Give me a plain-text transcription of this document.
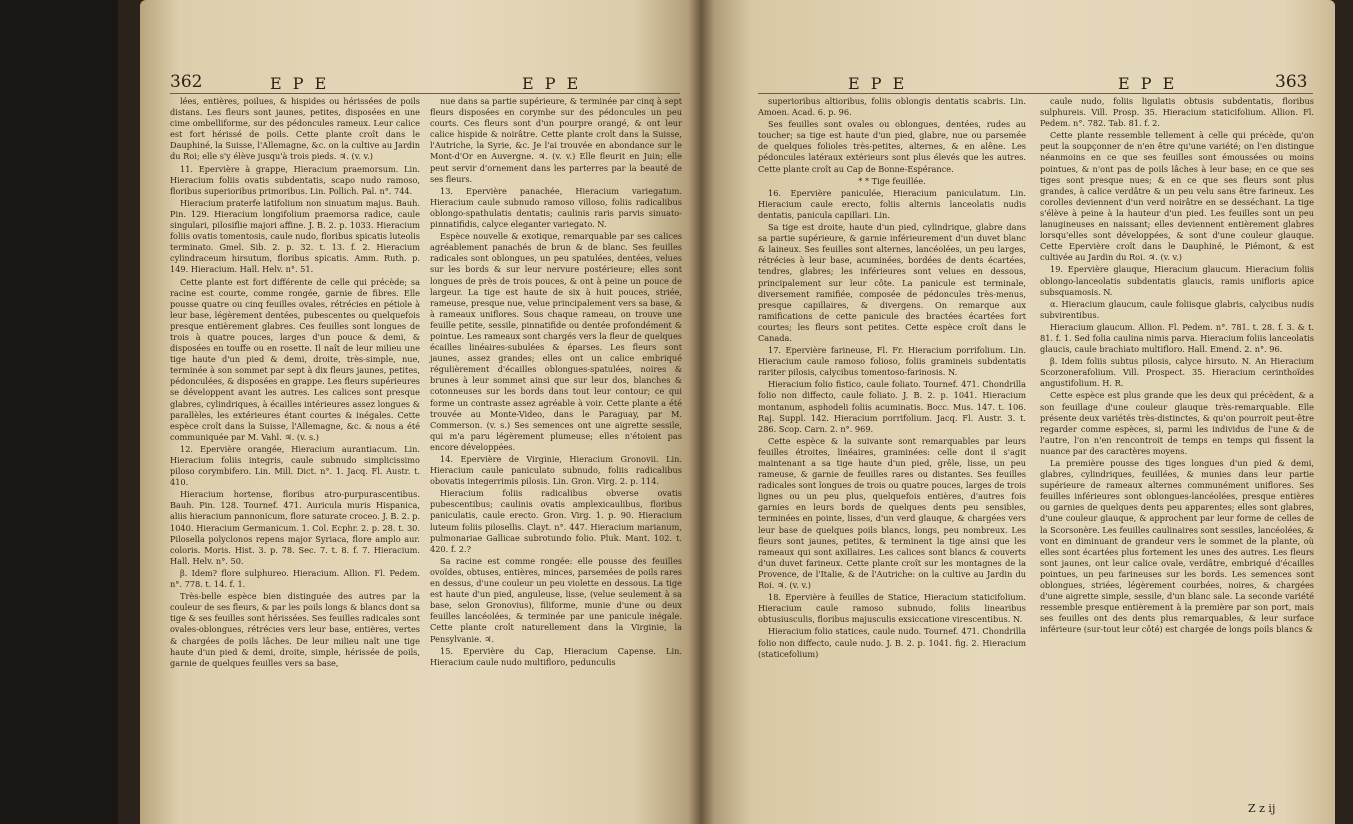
362	E P E	E P E

lées, entières, poilues, & hispides ou hérissées de poils distans. Les fleurs sont jaunes, petites, disposées en une cime ombelliforme, sur des pédoncules rameux. Leur calice est fort hérissé de poils. Cette plante croît dans le Dauphiné, la Suisse, l'Allemagne, &c. on la cultive au Jardin du Roi; elle s'y élève jusqu'à trois pieds. ♃. (v. v.)

11. Epervière à grappe, Hieracium praemorsum. Lin. Hieracium foliis ovatis subdentatis, scapo nudo ramoso, floribus superioribus primoribus. Lin. Pollich. Pal. n°. 744.

Hieracium praterfe latifolium non sinuatum majus. Bauh. Pin. 129. Hieracium longifolium praemorsa radice, caule singulari, pilosiflie majori affine. J. B. 2. p. 1033. Hieracium foliis ovatis tomentosis, caule nudo, floribus spicatis luteolis terminato. Gmel. Sib. 2. p. 32. t. 13. f. 2. Hieracium cylindraceum hirsutum, floribus spicatis. Amm. Ruth. p. 149. Hieracium. Hall. Helv. n°. 51.

Cette plante est fort différente de celle qui précède; sa racine est courte, comme rongée, garnie de fibres. Elle pousse quatre ou cinq feuilles ovales, rétrécies en pétiole à leur base, légèrement dentées, pubescentes ou quelquefois presque entièrement glabres. Ces feuilles sont longues de trois à quatre pouces, larges d'un pouce & demi, & disposées en touffe ou en rosette. Il naît de leur milieu une tige haute d'un pied & demi, droite, très-simple, nue, terminée à son sommet par sept à dix fleurs jaunes, petites, pédonculées, & disposées en grappe. Les fleurs supérieures se développent avant les autres. Les calices sont presque glabres, cylindriques, à écailles intérieures assez longues & parallèles, les extérieures étant courtes & inégales. Cette espèce croît dans la Suisse, l'Allemagne, &c. & nous a été communiquée par M. Vahl. ♃. (v. s.)

12. Epervière orangée, Hieracium aurantiacum. Lin. Hieracium foliis integris, caule subnudo simplicissimo piloso corymbifero. Lin. Mill. Dict. n°. 1. Jacq. Fl. Austr. t. 410.

Hieracium hortense, floribus atro-purpurascentibus. Bauh. Pin. 128. Tournef. 471. Auricula muris Hispanica, aliis hieracium pannonicum, flore saturate croceo. J. B. 2. p. 1040. Hieracium Germanicum. 1. Col. Ecphr. 2. p. 28. t. 30. Pilosella polyclonos repens major Syriaca, flore amplo aur. coloris. Moris. Hist. 3. p. 78. Sec. 7. t. 8. f. 7. Hieracium. Hall. Helv. n°. 50.

β. Idem? flore sulphureo. Hieracium. Allion. Fl. Pedem. n°. 778. t. 14. f. 1.

Très-belle espèce bien distinguée des autres par la couleur de ses fleurs, & par les poils longs & blancs dont sa tige & ses feuilles sont hérissées. Ses feuilles radicales sont ovales-oblongues, rétrécies vers leur base, entières, vertes & chargées de poils lâches. De leur milieu naît une tige haute d'un pied & demi, droite, simple, hérissée de poils, garnie de quelques feuilles vers sa base,

nue dans sa partie supérieure, & terminée par cinq à sept fleurs disposées en corymbe sur des pédoncules un peu courts. Ces fleurs sont d'un pourpre orangé, & ont leur calice hispide & noirâtre. Cette plante croît dans la Suisse, l'Autriche, la Syrie, &c. Je l'ai trouvée en abondance sur le Mont-d'Or en Auvergne. ♃. (v. v.) Elle fleurit en Juin; elle peut servir d'ornement dans les parterres par la beauté de ses fleurs.

13. Epervière panachée, Hieracium variegatum. Hieracium caule subnudo ramoso villoso, foliis radicalibus oblongo-spathulatis dentatis; caulinis raris parvis sinuato-pinnatifidis, calyce eleganter variegato. N.

Espèce nouvelle & exotique, remarquable par ses calices agréablement panachés de brun & de blanc. Ses feuilles radicales sont oblongues, un peu spatulées, dentées, velues sur les bords & sur leur nervure postérieure; elles sont longues de près de trois pouces, & ont à peine un pouce de largeur. La tige est haute de six à huit pouces, striée, rameuse, presque nue, velue principalement vers sa base, & à rameaux uniflores. Sous chaque rameau, on trouve une feuille petite, sessile, pinnatifide ou dentée profondément & pointue. Les rameaux sont chargés vers la fleur de quelques écailles linéaires-subulées & éparses. Les fleurs sont jaunes, assez grandes; elles ont un calice embriqué régulièrement d'écailles oblongues-spatulées, noires & brunes à leur sommet ainsi que sur leur dos, blanches & cotonneuses sur les bords dans tout leur contour; ce qui forme un contraste assez agréable à voir. Cette plante a été trouvée au Monte-Video, dans le Paraguay, par M. Commerson. (v. s.) Ses semences ont une aigrette sessile, qui m'a paru légèrement plumeuse; elles n'étoient pas encore développées.

14. Epervière de Virginie, Hieracium Gronovii. Lin. Hieracium caule paniculato subnudo, foliis radicalibus obovatis integerrimis pilosis. Lin. Gron. Virg. 2. p. 114.

Hieracium foliis radicalibus obverse ovatis pubescentibus; caulinis ovatis amplexicaulibus, floribus paniculatis, caule erecto. Gron. Virg. 1. p. 90. Hieracium luteum foliis pilosellis. Clayt. n°. 447. Hieracium marianum, pulmonariae Gallicae subrotundo folio. Pluk. Mant. 102. t. 420. f. 2.?

Sa racine est comme rongée: elle pousse des feuilles ovoïdes, obtuses, entières, minces, parsemées de poils rares en dessus, d'une couleur un peu violette en dessous. La tige est haute d'un pied, anguleuse, lisse, (velue seulement à sa base, selon Gronovius), filiforme, munie d'une ou deux feuilles lancéolées, & terminée par une panicule inégale. Cette plante croît naturellement dans la Virginie, la Pensylvanie. ♃.

15. Epervière du Cap, Hieracium Capense. Lin. Hieracium caule nudo multifloro, pedunculis

E P E	E P E	363

superioribus altioribus, foliis oblongis dentatis scabris. Lin. Amoen. Acad. 6. p. 96.

Ses feuilles sont ovales ou oblongues, dentées, rudes au toucher; sa tige est haute d'un pied, glabre, nue ou parsemée de quelques folioles très-petites, alternes, & en alêne. Les pédoncules latéraux extérieurs sont plus élevés que les autres. Cette plante croît au Cap de Bonne-Espérance.

* * Tige feuillée.

16. Epervière paniculée, Hieracium paniculatum. Lin. Hieracium caule erecto, foliis alternis lanceolatis nudis dentatis, panicula capillari. Lin.

Sa tige est droite, haute d'un pied, cylindrique, glabre dans sa partie supérieure, & garnie inférieurement d'un duvet blanc & laineux. Ses feuilles sont alternes, lancéolées, un peu larges, rétrécies à leur base, acuminées, bordées de dents écartées, tendres, glabres; les inférieures sont velues en dessous, principalement sur leur côte. La panicule est terminale, diversement ramifiée, composée de pédoncules très-menus, presque capillaires, & divergens. On remarque aux ramifications de cette panicule des bractées écartées fort courtes; les fleurs sont petites. Cette espèce croît dans le Canada.

17. Epervière farineuse, Fl. Fr. Hieracium porrifolium. Lin. Hieracium caule ramoso folioso, foliis gramineis subdentatis rariter pilosis, calycibus tomentoso-farinosis. N.

Hieracium folio fistico, caule foliato. Tournef. 471. Chondrilla folio non diffecto, caule foliato. J. B. 2. p. 1041. Hieracium montanum, asphodeli foliis acuminatis. Bocc. Mus. 147. t. 106. Raj. Suppl. 142. Hieracium porrifolium. Jacq. Fl. Austr. 3. t. 286. Scop. Carn. 2. n°. 969.

Cette espèce & la suivante sont remarquables par leurs feuilles étroites, linéaires, graminées: celle dont il s'agit maintenant a sa tige haute d'un pied, grêle, lisse, un peu rameuse, & garnie de feuilles rares ou distantes. Ses feuilles radicales sont longues de trois ou quatre pouces, larges de trois lignes ou un peu plus, quelquefois entières, d'autres fois garnies en leurs bords de quelques dents peu sensibles, terminées en pointe, lisses, d'un verd glauque, & chargées vers leur base de quelques poils blancs, longs, peu nombreux. Les fleurs sont jaunes, petites, & terminent la tige ainsi que les rameaux qui sont axillaires. Les calices sont blancs & couverts d'un duvet farineux. Cette plante croît sur les montagnes de la Provence, de l'Italie, & de l'Autriche: on la cultive au Jardin du Roi. ♃. (v. v.)

18. Epervière à feuilles de Statice, Hieracium staticifolium. Hieracium caule ramoso subnudo, foliis linearibus obtusiusculis, floribus majusculis exsiccatione virescentibus. N.

Hieracium folio statices, caule nudo. Tournef. 471. Chondrilla folio non diffecto, caule nudo. J. B. 2. p. 1041. fig. 2. Hieracium (staticefolium)

caule nudo, foliis ligulatis obtusis subdentatis, floribus sulphureis. Vill. Prosp. 35. Hieracium staticifolium. Allion. Fl. Pedem. n°. 782. Tab. 81. f. 2.

Cette plante ressemble tellement à celle qui précède, qu'on peut la soupçonner de n'en être qu'une variété; on l'en distingue néanmoins en ce que ses feuilles sont émoussées ou moins pointues, & n'ont pas de poils lâches à leur base; en ce que ses tiges sont presque nues; & en ce que ses fleurs sont plus grandes, à calice verdâtre & un peu velu sans être farineux. Les corolles deviennent d'un verd noirâtre en se desséchant. La tige s'élève à peine à la hauteur d'un pied. Les feuilles sont un peu lanugineuses en naissant; elles deviennent entièrement glabres lorsqu'elles sont développées, & sont d'une couleur glauque. Cette Epervière croît dans le Dauphiné, le Piémont, & est cultivée au Jardin du Roi. ♃. (v. v.)

19. Epervière glauque, Hieracium glaucum. Hieracium foliis oblongo-lanceolatis subdentatis glaucis, ramis unifloris apice subsquamosis. N.

α. Hieracium glaucum, caule foliisque glabris, calycibus nudis subvirentibus.

Hieracium glaucum. Allion. Fl. Pedem. n°. 781. t. 28. f. 3. & t. 81. f. 1. Sed folia caulina nimis parva. Hieracium foliis lanceolatis glaucis, caule brachiato multifloro. Hall. Emend. 2. n°. 96.

β. Idem foliis subtus pilosis, calyce hirsuto. N. An Hieracium Scorzonerafolium. Vill. Prospect. 35. Hieracium cerinthoïdes angustifolium. H. R.

Cette espèce est plus grande que les deux qui précèdent, & a son feuillage d'une couleur glauque très-remarquable. Elle présente deux variétés très-distinctes, & qu'on pourroit peut-être regarder comme espèces, si, parmi les individus de l'une & de l'autre, l'on n'en rencontroit de temps en temps qui fissent la nuance par des caractères moyens.

La première pousse des tiges longues d'un pied & demi, glabres, cylindriques, feuillées, & munies dans leur partie supérieure de rameaux alternes communément uniflores. Ses feuilles inférieures sont oblongues-lancéolées, presque entières ou garnies de quelques dents peu apparentes; elles sont glabres, d'une couleur glauque, & approchent par leur forme de celles de la Scorsonère. Les feuilles caulinaires sont sessiles, lancéolées, & vont en diminuant de grandeur vers le sommet de la plante, où elles sont écartées plus fortement les unes des autres. Les fleurs sont jaunes, ont leur calice ovale, verdâtre, embriqué d'écailles pointues, un peu farineuses sur les bords. Les semences sont oblongues, striées, légèrement courbées, noires, & chargées d'une aigrette simple, sessile, d'un blanc sale. La seconde variété ressemble presque entièrement à la première par son port, mais ses feuilles ont des dents plus remarquables, & leur surface inférieure (sur-tout leur côté) est chargée de longs poils blancs &

Z z ij
